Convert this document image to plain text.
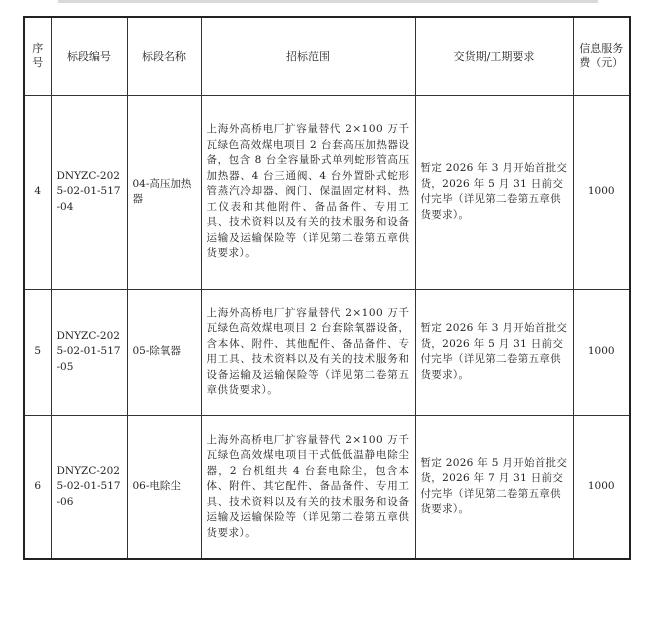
序号	标段编号	标段名称	招标范围	交货期/工期要求	信息服务费（元）
4	DNYZC-2025-02-01-517-04	04-高压加热器	上海外高桥电厂扩容量替代 2×100 万千瓦绿色高效煤电项目 2 台套高压加热器设备，包含 8 台全容量卧式单列蛇形管高压加热器、4 台三通阀、4 台外置卧式蛇形管蒸汽冷却器、阀门、保温固定材料、热工仪表和其他附件、备品备件、专用工具、技术资料以及有关的技术服务和设备运输及运输保险等（详见第二卷第五章供货要求）。	暂定 2026 年 3 月开始首批交货，2026 年 5 月 31 日前交付完毕（详见第二卷第五章供货要求）。	1000
5	DNYZC-2025-02-01-517-05	05-除氧器	上海外高桥电厂扩容量替代 2×100 万千瓦绿色高效煤电项目 2 台套除氧器设备，含本体、附件、其他配件、备品备件、专用工具、技术资料以及有关的技术服务和设备运输及运输保险等（详见第二卷第五章供货要求）。	暂定 2026 年 3 月开始首批交货，2026 年 5 月 31 日前交付完毕（详见第二卷第五章供货要求）。	1000
6	DNYZC-2025-02-01-517-06	06-电除尘	上海外高桥电厂扩容量替代 2×100 万千瓦绿色高效煤电项目干式低低温静电除尘器，2 台机组共 4 台套电除尘，包含本体、附件、其它配件、备品备件、专用工具、技术资料以及有关的技术服务和设备运输及运输保险等（详见第二卷第五章供货要求）。	暂定 2026 年 5 月开始首批交货，2026 年 7 月 31 日前交付完毕（详见第二卷第五章供货要求）。	1000
